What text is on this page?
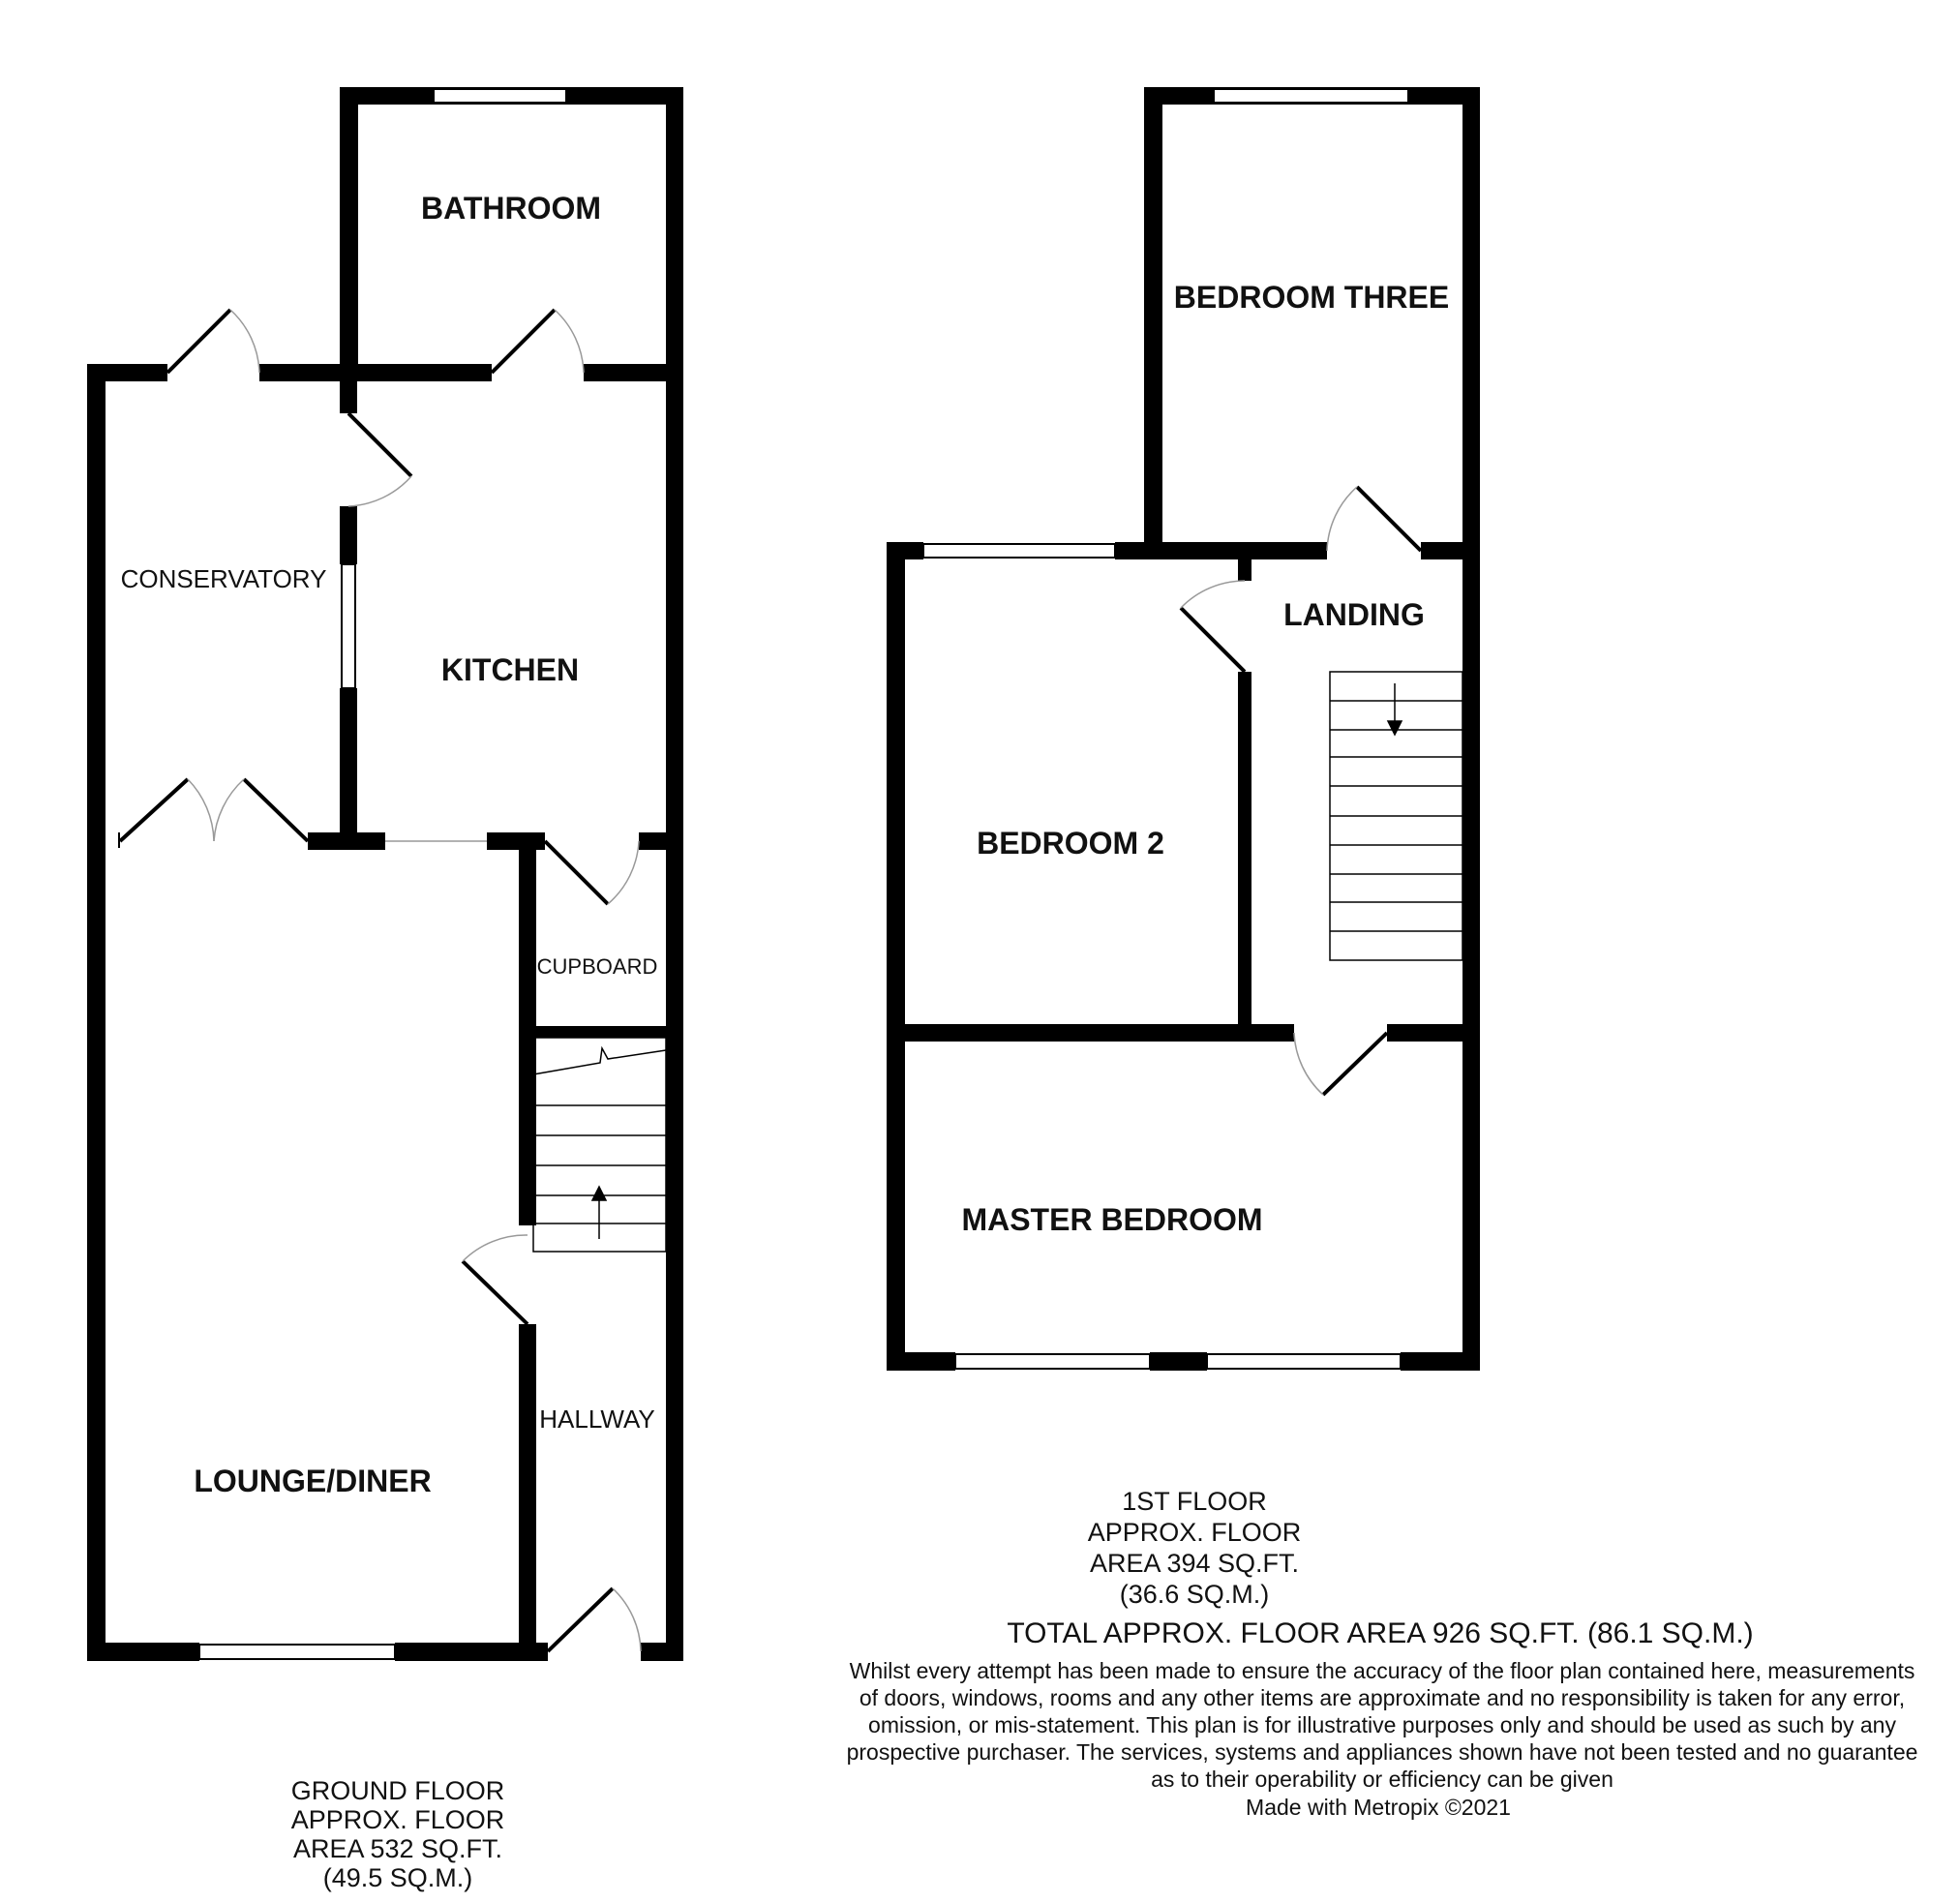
BATHROOM
CONSERVATORY
KITCHEN
CUPBOARD
HALLWAY
LOUNGE/DINER
BEDROOM THREE
LANDING
BEDROOM 2
MASTER BEDROOM
GROUND FLOOR
APPROX. FLOOR
AREA 532 SQ.FT.
(49.5 SQ.M.)
1ST FLOOR
APPROX. FLOOR
AREA 394 SQ.FT.
(36.6 SQ.M.)
TOTAL APPROX. FLOOR AREA 926 SQ.FT. (86.1 SQ.M.)
Whilst every attempt has been made to ensure the accuracy of the floor plan contained here, measurements
of doors, windows, rooms and any other items are approximate and no responsibility is taken for any error,
omission, or mis-statement. This plan is for illustrative purposes only and should be used as such by any
prospective purchaser. The services, systems and appliances shown have not been tested and no guarantee
as to their operability or efficiency can be given
Made with Metropix ©2021
